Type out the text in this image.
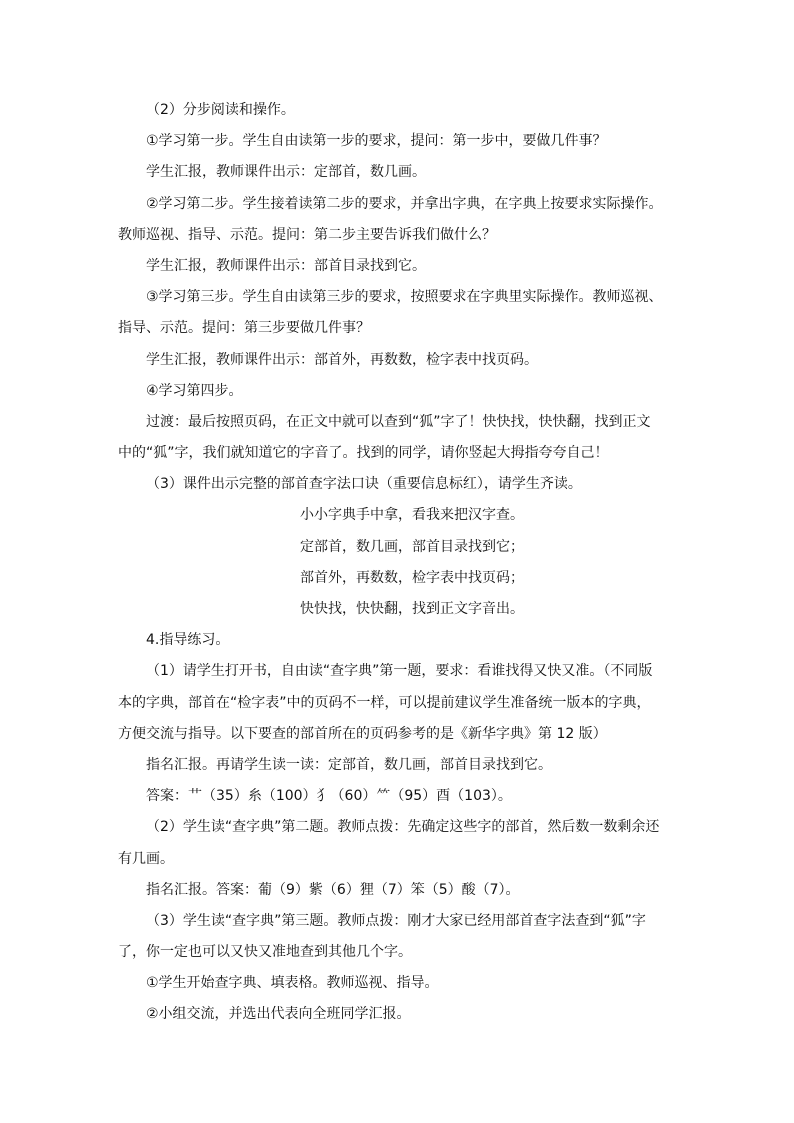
（2）分步阅读和操作。

①学习第一步。学生自由读第一步的要求，提问：第一步中，要做几件事？

学生汇报，教师课件出示：定部首，数几画。

②学习第二步。学生接着读第二步的要求，并拿出字典，在字典上按要求实际操作。

教师巡视、指导、示范。提问：第二步主要告诉我们做什么？

学生汇报，教师课件出示：部首目录找到它。

③学习第三步。学生自由读第三步的要求，按照要求在字典里实际操作。教师巡视、

指导、示范。提问：第三步要做几件事？

学生汇报，教师课件出示：部首外，再数数，检字表中找页码。

④学习第四步。

过渡：最后按照页码，在正文中就可以查到“狐”字了！快快找，快快翻，找到正文

中的“狐”字，我们就知道它的字音了。找到的同学，请你竖起大拇指夸夸自己！

（3）课件出示完整的部首查字法口诀（重要信息标红），请学生齐读。

小小字典手中拿，看我来把汉字查。

定部首，数几画，部首目录找到它；

部首外，再数数，检字表中找页码；

快快找，快快翻，找到正文字音出。

4.指导练习。

（1）请学生打开书，自由读“查字典”第一题，要求：看谁找得又快又准。（不同版

本的字典，部首在“检字表”中的页码不一样，可以提前建议学生准备统一版本的字典，

方便交流与指导。以下要查的部首所在的页码参考的是《新华字典》第 12 版）

指名汇报。再请学生读一读：定部首，数几画，部首目录找到它。

答案：艹（35）糸（100）犭（60）⺮（95）酉（103）。

（2）学生读“查字典”第二题。教师点拨：先确定这些字的部首，然后数一数剩余还

有几画。

指名汇报。答案：葡（9）紫（6）狸（7）笨（5）酸（7）。

（3）学生读“查字典”第三题。教师点拨：刚才大家已经用部首查字法查到“狐”字

了，你一定也可以又快又准地查到其他几个字。

①学生开始查字典、填表格。教师巡视、指导。

②小组交流，并选出代表向全班同学汇报。
